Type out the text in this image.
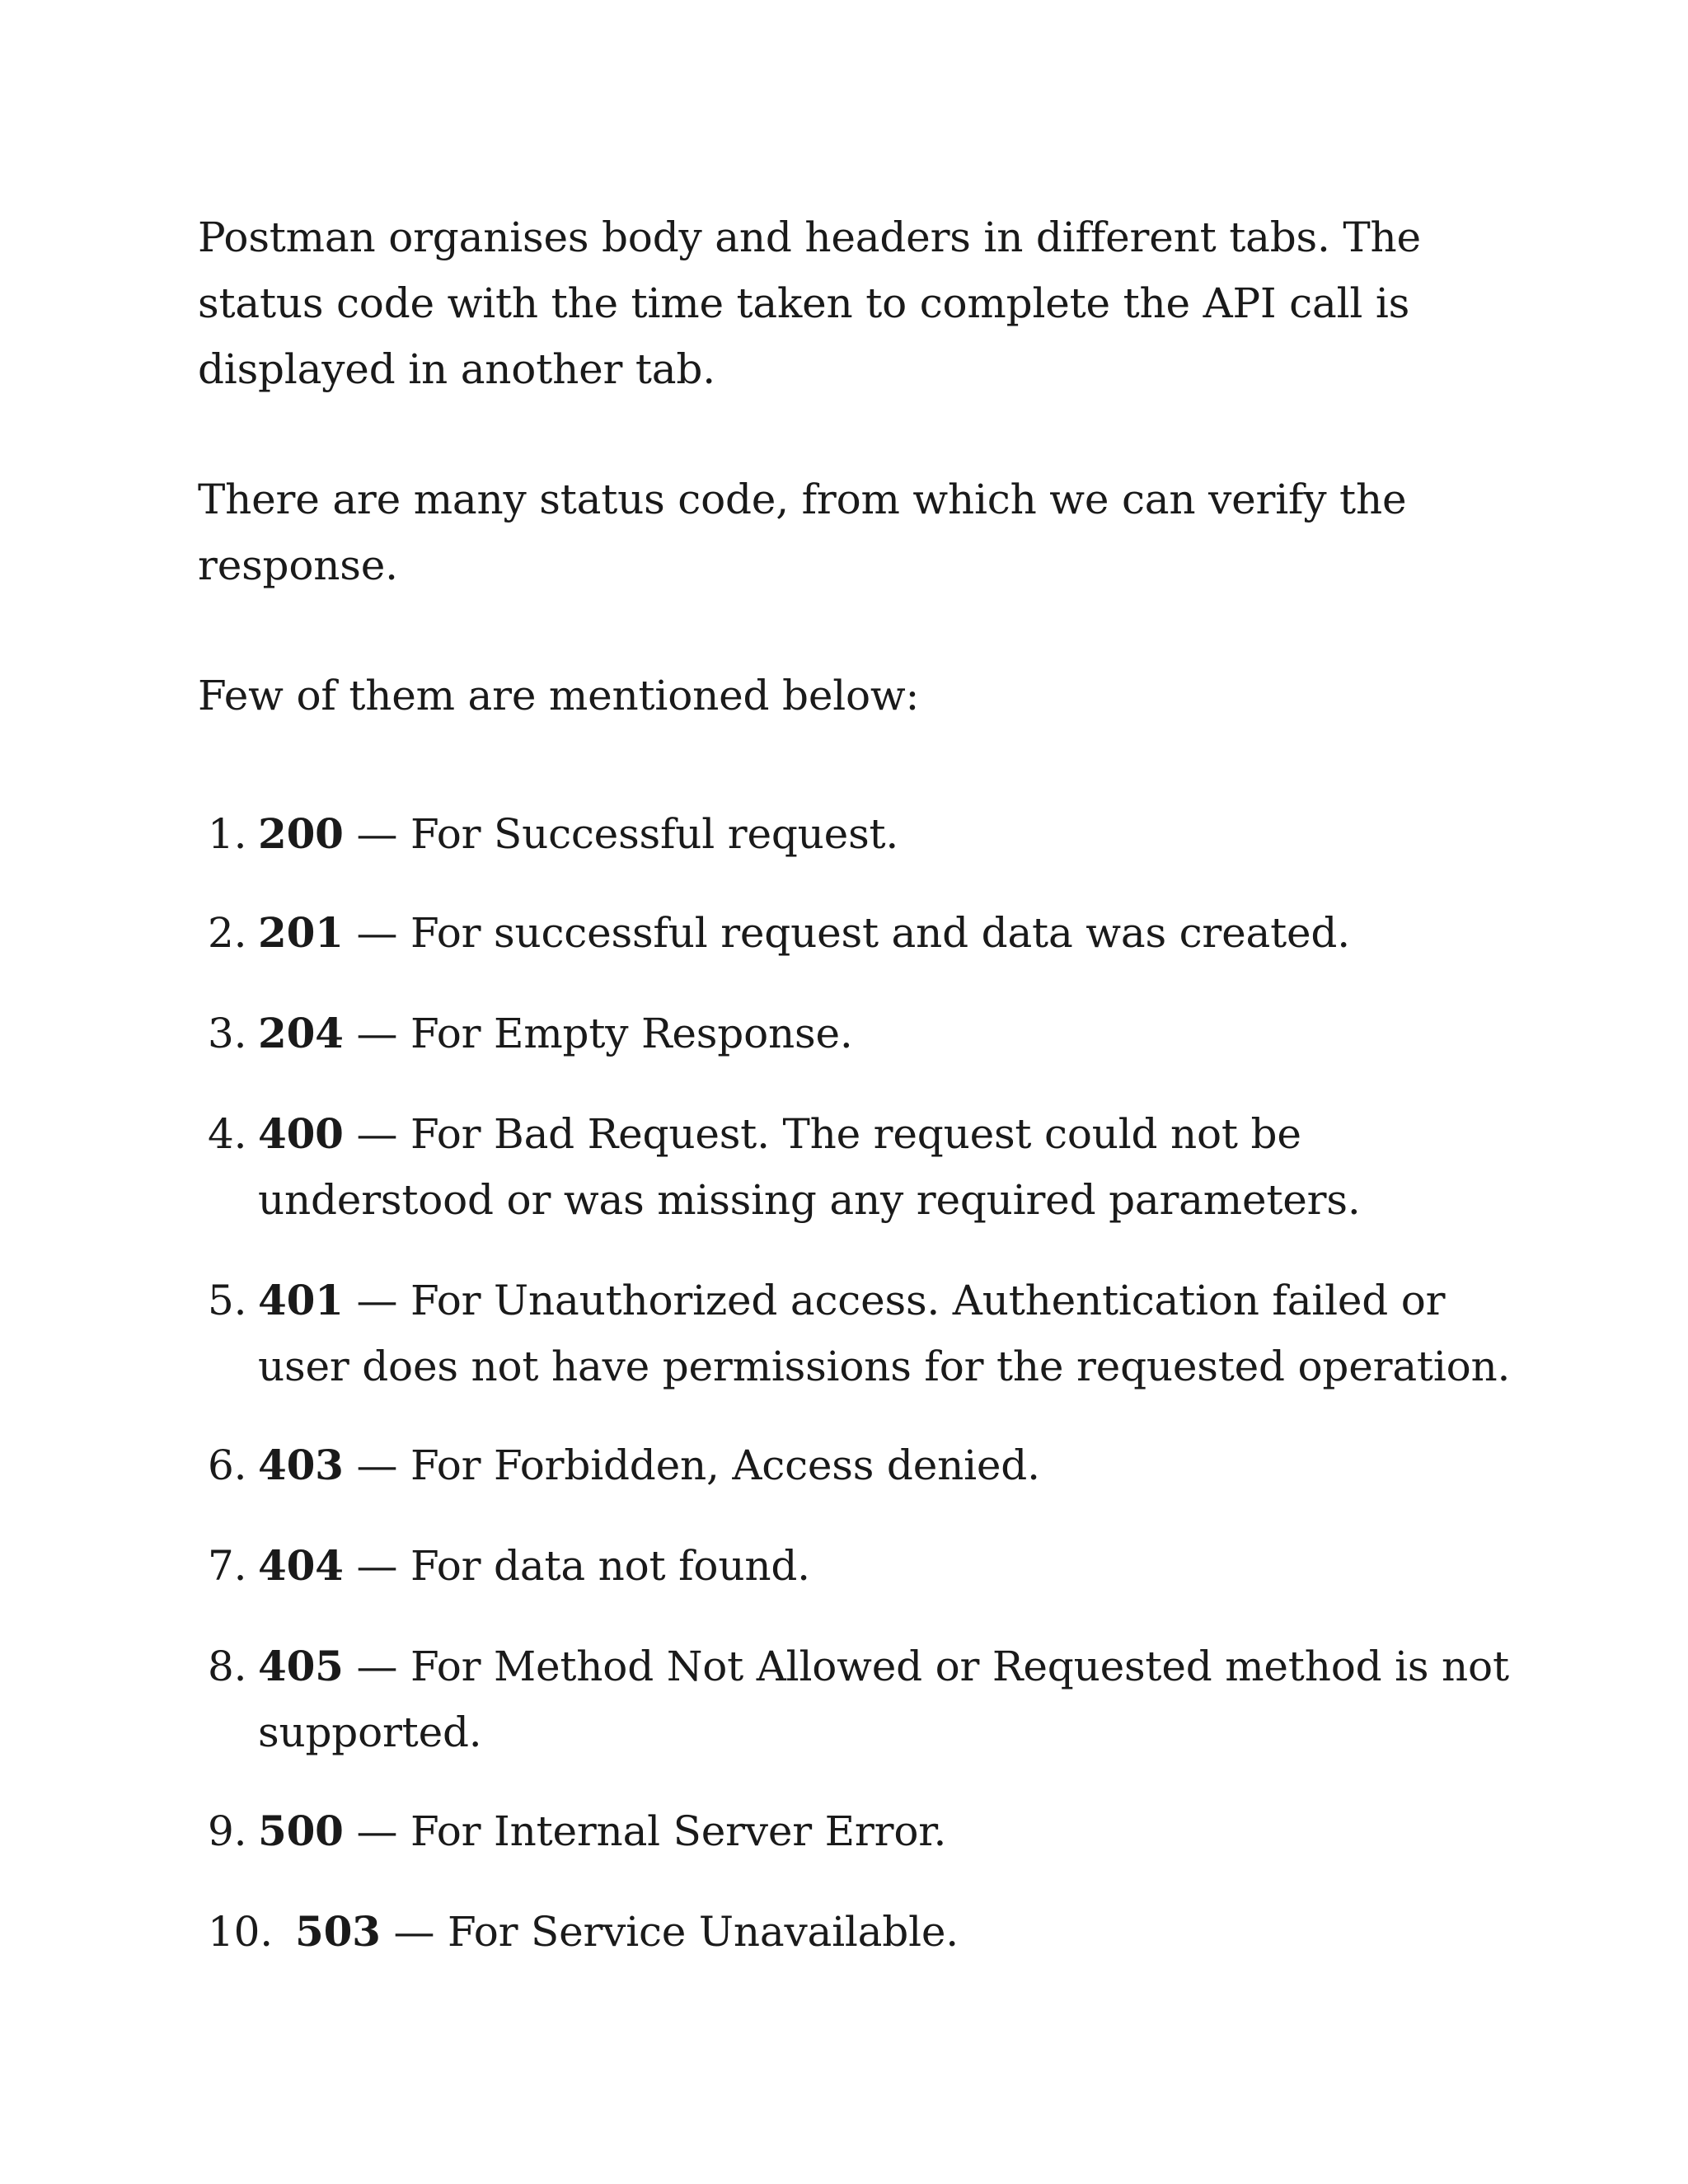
Postman organises body and headers in different tabs. The status code with the time taken to complete the API call is displayed in another tab.

There are many status code, from which we can verify the response.

Few of them are mentioned below:

1. 200 — For Successful request.
2. 201 — For successful request and data was created.
3. 204 — For Empty Response.
4. 400 — For Bad Request. The request could not be understood or was missing any required parameters.
5. 401 — For Unauthorized access. Authentication failed or user does not have permissions for the requested operation.
6. 403 — For Forbidden, Access denied.
7. 404 — For data not found.
8. 405 — For Method Not Allowed or Requested method is not supported.
9. 500 — For Internal Server Error.
10. 503 — For Service Unavailable.
